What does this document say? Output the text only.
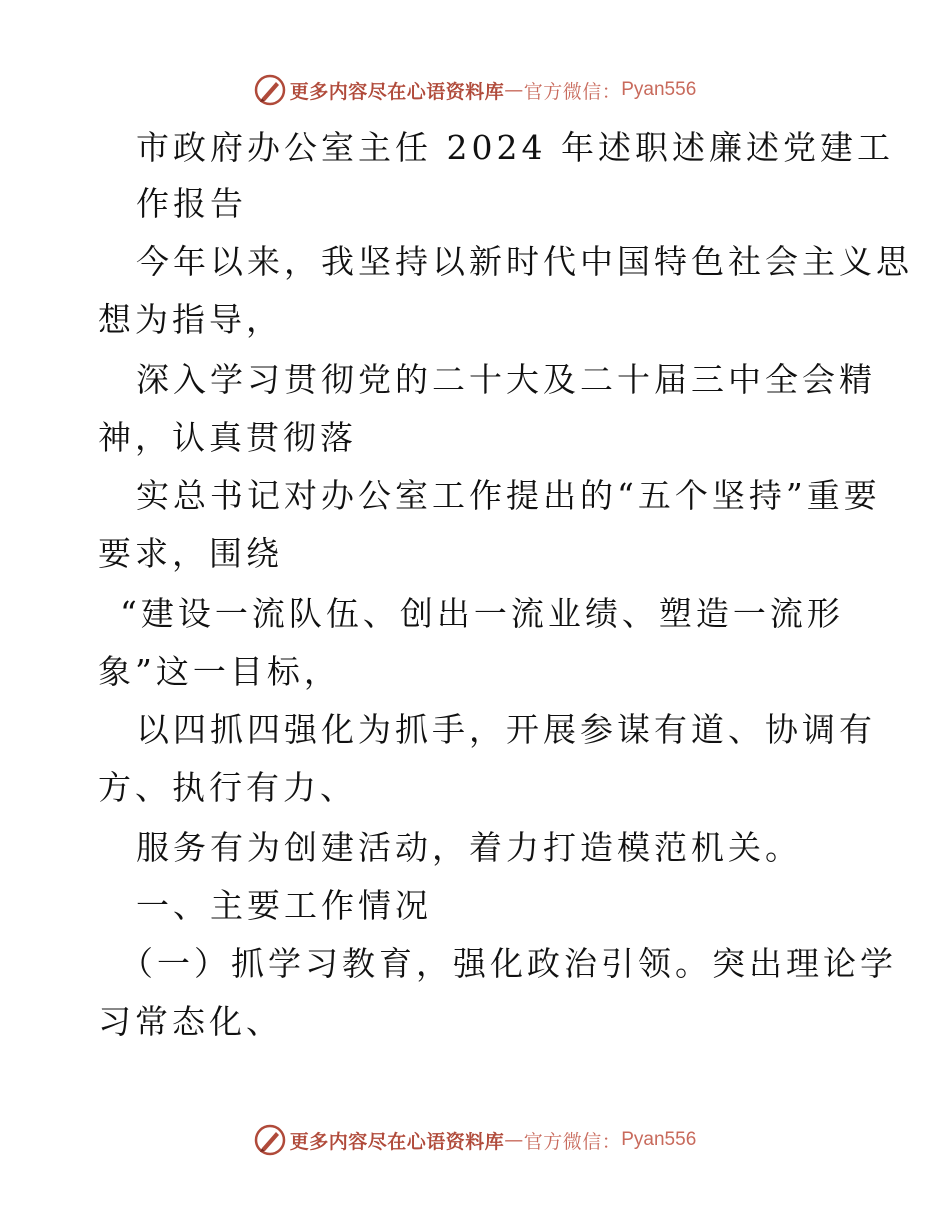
更多内容尽在心语资料库 — 官方微信： Pyan556
市政府办公室主任 2024 年述职述廉述党建工
作报告
今年以来，我坚持以新时代中国特色社会主义思
想为指导，
深入学习贯彻党的二十大及二十届三中全会精
神，认真贯彻落
实总书记对办公室工作提出的“五个坚持”重要
要求，围绕
“建设一流队伍、创出一流业绩、塑造一流形
象”这一目标，
以四抓四强化为抓手，开展参谋有道、协调有
方、执行有力、
服务有为创建活动，着力打造模范机关。
一、主要工作情况
（一）抓学习教育，强化政治引领。突出理论学
习常态化、
更多内容尽在心语资料库 — 官方微信： Pyan556
